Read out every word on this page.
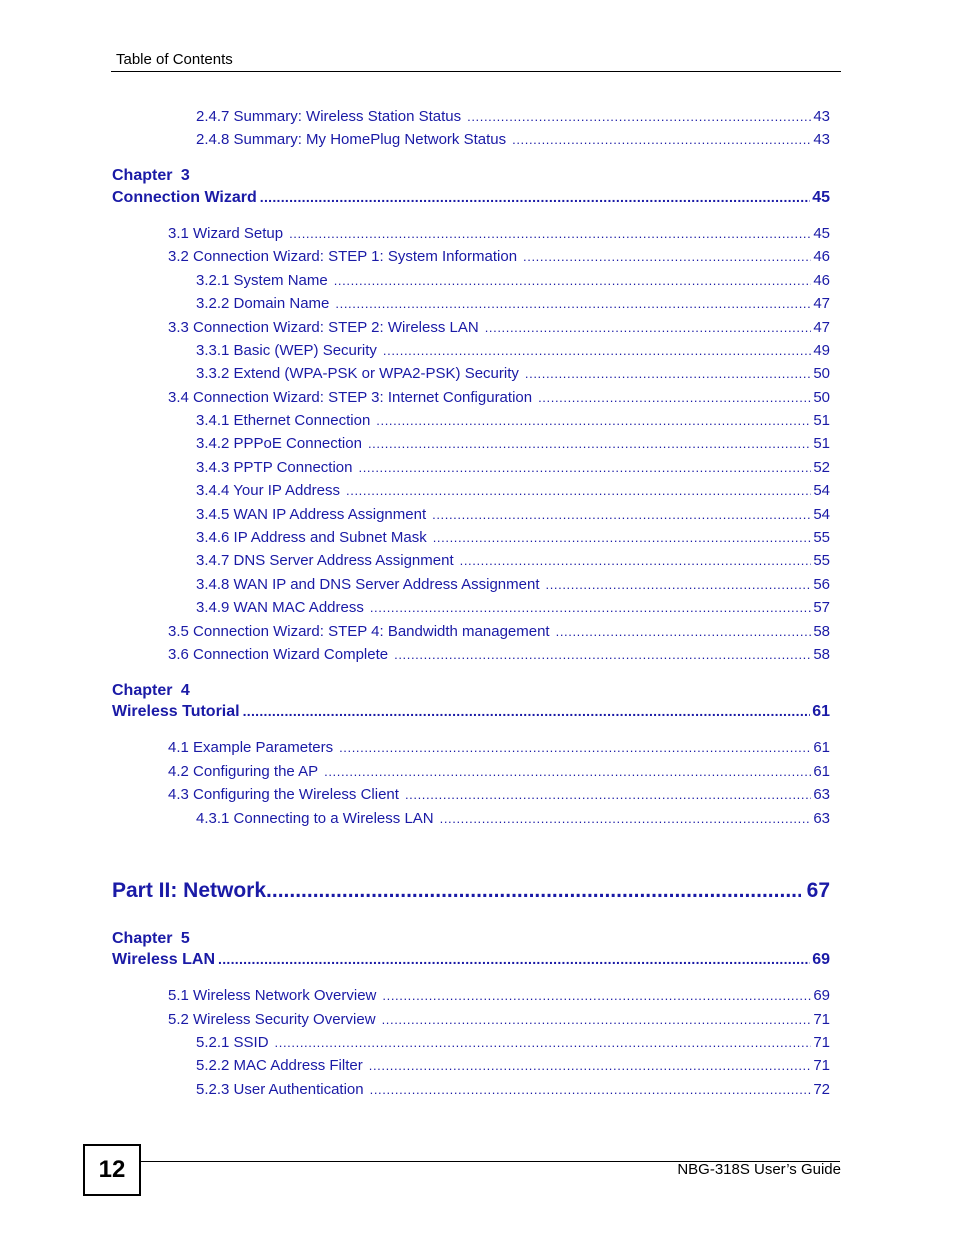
Table of Contents
2.4.7 Summary: Wireless Station Status .....	43
2.4.8 Summary: My HomePlug Network Status .....	43
Chapter 3
Connection Wizard .....	45
3.1 Wizard Setup .....	45
3.2 Connection Wizard: STEP 1: System Information .....	46
3.2.1 System Name .....	46
3.2.2 Domain Name .....	47
3.3 Connection Wizard: STEP 2: Wireless LAN .....	47
3.3.1 Basic (WEP) Security .....	49
3.3.2 Extend (WPA-PSK or WPA2-PSK) Security .....	50
3.4 Connection Wizard: STEP 3: Internet Configuration .....	50
3.4.1 Ethernet Connection .....	51
3.4.2 PPPoE Connection .....	51
3.4.3 PPTP Connection .....	52
3.4.4 Your IP Address .....	54
3.4.5 WAN IP Address Assignment .....	54
3.4.6 IP Address and Subnet Mask .....	55
3.4.7 DNS Server Address Assignment .....	55
3.4.8 WAN IP and DNS Server Address Assignment .....	56
3.4.9 WAN MAC Address .....	57
3.5 Connection Wizard: STEP 4: Bandwidth management .....	58
3.6 Connection Wizard Complete .....	58
Chapter 4
Wireless Tutorial .....	61
4.1 Example Parameters .....	61
4.2 Configuring the AP .....	61
4.3 Configuring the Wireless Client .....	63
4.3.1 Connecting to a Wireless LAN .....	63
Part II: Network .....	67
Chapter 5
Wireless LAN .....	69
5.1 Wireless Network Overview .....	69
5.2 Wireless Security Overview .....	71
5.2.1 SSID .....	71
5.2.2 MAC Address Filter .....	71
5.2.3 User Authentication .....	72
12	NBG-318S User’s Guide
